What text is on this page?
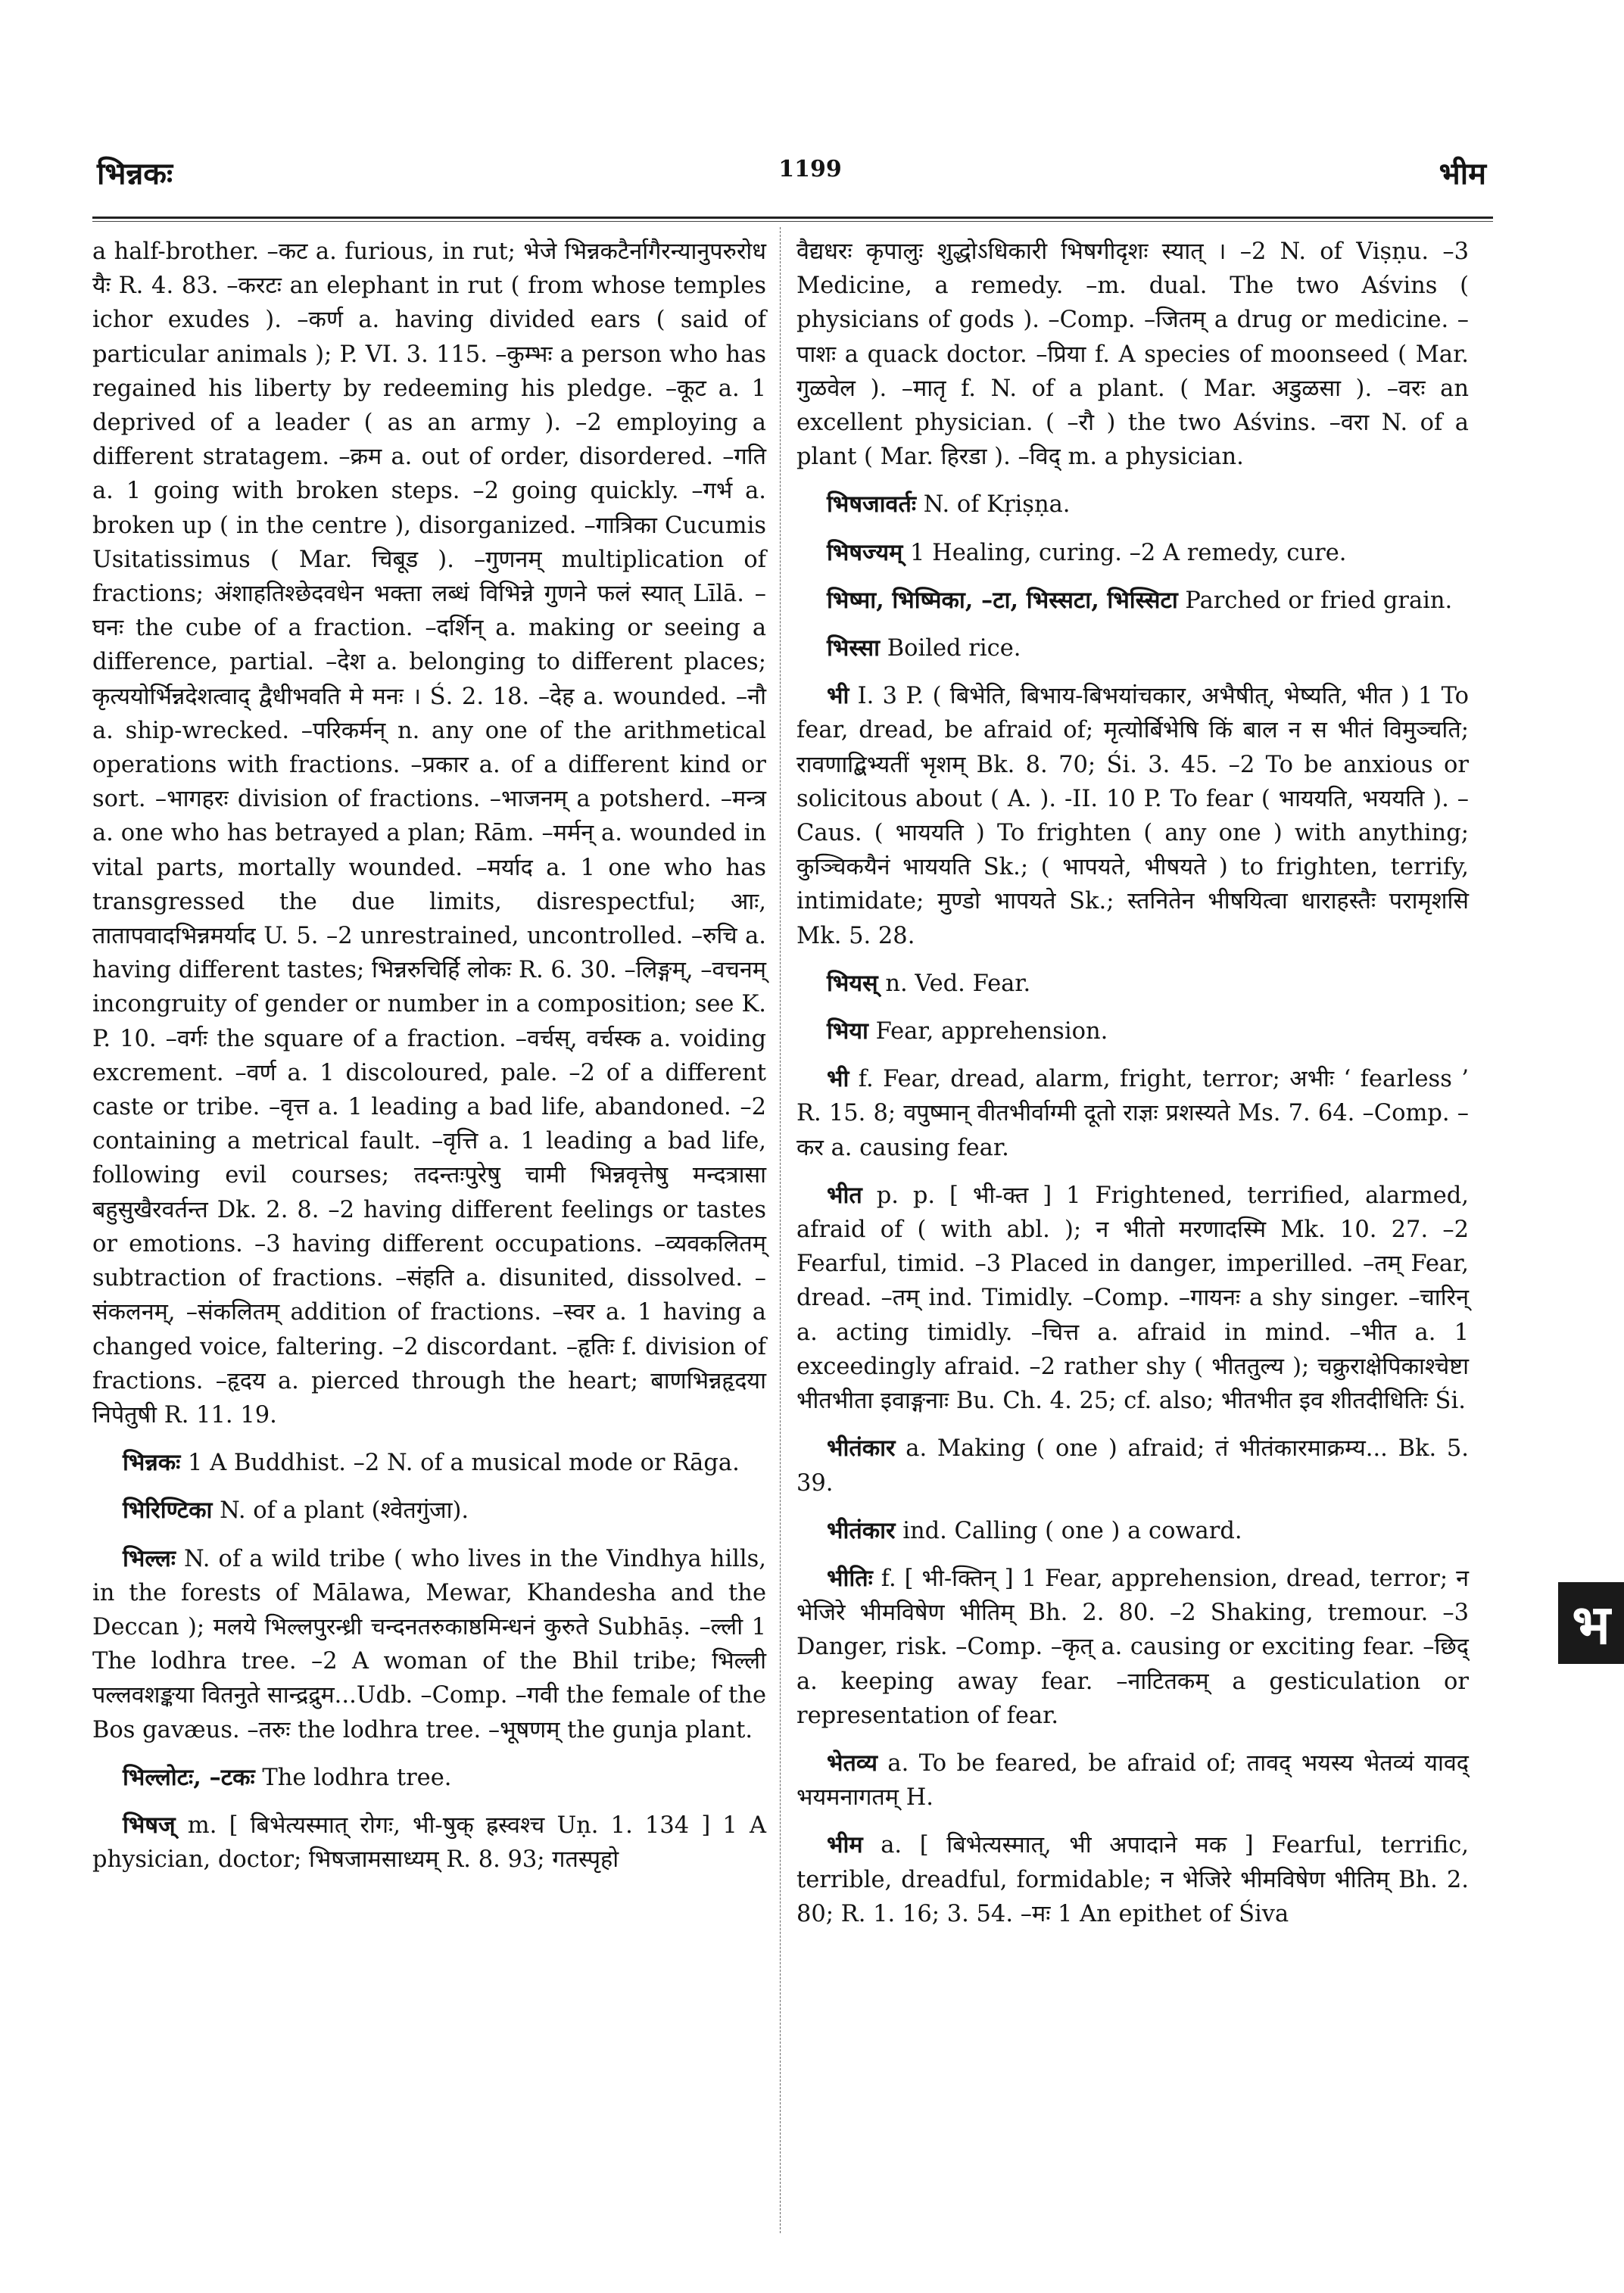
भिन्नकः	1199	भीम

a half-brother. –कट a. furious, in rut; भेजे भिन्नकटैर्नागैरन्यानुपरुरोध यैः R. 4. 83. –करटः an elephant in rut ( from whose temples ichor exudes ). –कर्ण a. having divided ears ( said of particular animals ); P. VI. 3. 115. –कुम्भः a person who has regained his liberty by redeeming his pledge. –कूट a. 1 deprived of a leader ( as an army ). –2 employing a different stratagem. –क्रम a. out of order, disordered. –गति a. 1 going with broken steps. –2 going quickly. –गर्भ a. broken up ( in the centre ), disorganized. –गात्रिका Cucumis Usitatissimus ( Mar. चिबूड ). –गुणनम् multiplication of fractions; अंशाहतिश्छेदवधेन भक्ता लब्धं विभिन्ने गुणने फलं स्यात् Līlā. –घनः the cube of a fraction. –दर्शिन् a. making or seeing a difference, partial. –देश a. belonging to different places; कृत्ययोर्भिन्नदेशत्वाद् द्वैधीभवति मे मनः । Ś. 2. 18. –देह a. wounded. –नौ a. ship-wrecked. –परिकर्मन् n. any one of the arithmetical operations with fractions. –प्रकार a. of a different kind or sort. –भागहरः division of fractions. –भाजनम् a potsherd. –मन्त्र a. one who has betrayed a plan; Rām. –मर्मन् a. wounded in vital parts, mortally wounded. –मर्याद a. 1 one who has transgressed the due limits, disrespectful; आः, तातापवादभिन्नमर्याद U. 5. –2 unrestrained, uncontrolled. –रुचि a. having different tastes; भिन्नरुचिर्हि लोकः R. 6. 30. –लिङ्गम्, –वचनम् incongruity of gender or number in a composition; see K. P. 10. –वर्गः the square of a fraction. –वर्चस्, वर्चस्क a. voiding excrement. –वर्ण a. 1 discoloured, pale. –2 of a different caste or tribe. –वृत्त a. 1 leading a bad life, abandoned. –2 containing a metrical fault. –वृत्ति a. 1 leading a bad life, following evil courses; तदन्तःपुरेषु चामी भिन्नवृत्तेषु मन्दत्रासा बहुसुखैरवर्तन्त Dk. 2. 8. –2 having different feelings or tastes or emotions. –3 having different occupations. –व्यवकलितम् subtraction of fractions. –संहति a. disunited, dissolved. –संकलनम्, –संकलितम् addition of fractions. –स्वर a. 1 having a changed voice, faltering. –2 discordant. –हृतिः f. division of fractions. –हृदय a. pierced through the heart; बाणभिन्नहृदया निपेतुषी R. 11. 19.

भिन्नकः 1 A Buddhist. –2 N. of a musical mode or Rāga.

भिरिण्टिका N. of a plant (श्वेतगुंजा).

भिल्लः N. of a wild tribe ( who lives in the Vindhya hills, in the forests of Mālawa, Mewar, Khandesha and the Deccan ); मलये भिल्लपुरन्ध्री चन्दनतरुकाष्ठमिन्धनं कुरुते Subhāṣ. –ल्ली 1 The lodhra tree. –2 A woman of the Bhil tribe; भिल्ली पल्लवशङ्कया वितनुते सान्द्रद्रुम...Udb. –Comp. –गवी the female of the Bos gavæus. –तरुः the lodhra tree. –भूषणम् the gunja plant.

भिल्लोटः, –टकः The lodhra tree.

भिषज् m. [ बिभेत्यस्मात् रोगः, भी-षुक् ह्रस्वश्च Uṇ. 1. 134 ] 1 A physician, doctor; भिषजामसाध्यम् R. 8. 93; गतस्पृहो

वैद्यधरः कृपालुः शुद्धोऽधिकारी भिषगीदृशः स्यात् । –2 N. of Viṣṇu. –3 Medicine, a remedy. –m. dual. The two Aśvins ( physicians of gods ). –Comp. –जितम् a drug or medicine. –पाशः a quack doctor. –प्रिया f. A species of moonseed ( Mar. गुळवेल ). –मातृ f. N. of a plant. ( Mar. अडुळसा ). –वरः an excellent physician. ( –रौ ) the two Aśvins. –वरा N. of a plant ( Mar. हिरडा ). –विद् m. a physician.

भिषजावर्तः N. of Kṛiṣṇa.

भिषज्यम् 1 Healing, curing. –2 A remedy, cure.

भिष्मा, भिष्मिका, –टा, भिस्सटा, भिस्सिटा Parched or fried grain.

भिस्सा Boiled rice.

भी I. 3 P. ( बिभेति, बिभाय-बिभयांचकार, अभैषीत्, भेष्यति, भीत ) 1 To fear, dread, be afraid of; मृत्योर्बिभेषि किं बाल न स भीतं विमुञ्चति; रावणाद्बिभ्यतीं भृशम् Bk. 8. 70; Śi. 3. 45. –2 To be anxious or solicitous about ( A. ). -II. 10 P. To fear ( भाययति, भययति ). –Caus. ( भाययति ) To frighten ( any one ) with anything; कुञ्चिकयैनं भाययति Sk.; ( भापयते, भीषयते ) to frighten, terrify, intimidate; मुण्डो भापयते Sk.; स्तनितेन भीषयित्वा धाराहस्तैः परामृशसि Mk. 5. 28.

भियस् n. Ved. Fear.

भिया Fear, apprehension.

भी f. Fear, dread, alarm, fright, terror; अभीः ‘ fearless ’ R. 15. 8; वपुष्मान् वीतभीर्वाग्मी दूतो राज्ञः प्रशस्यते Ms. 7. 64. –Comp. –कर a. causing fear.

भीत p. p. [ भी-क्त ] 1 Frightened, terrified, alarmed, afraid of ( with abl. ); न भीतो मरणादस्मि Mk. 10. 27. –2 Fearful, timid. –3 Placed in danger, imperilled. –तम् Fear, dread. –तम् ind. Timidly. –Comp. –गायनः a shy singer. –चारिन् a. acting timidly. –चित्त a. afraid in mind. –भीत a. 1 exceedingly afraid. –2 rather shy ( भीततुल्य ); चक्रुराक्षेपिकाश्चेष्टा भीतभीता इवाङ्गनाः Bu. Ch. 4. 25; cf. also; भीतभीत इव शीतदीधितिः Śi.

भीतंकार a. Making ( one ) afraid; तं भीतंकारमाक्रम्य... Bk. 5. 39.

भीतंकार ind. Calling ( one ) a coward.

भीतिः f. [ भी-क्तिन् ] 1 Fear, apprehension, dread, terror; न भेजिरे भीमविषेण भीतिम् Bh. 2. 80. –2 Shaking, tremour. –3 Danger, risk. –Comp. –कृत् a. causing or exciting fear. –छिद् a. keeping away fear. –नाटितकम् a gesticulation or representation of fear.

भेतव्य a. To be feared, be afraid of; तावद् भयस्य भेतव्यं यावद् भयमनागतम् H.

भीम a. [ बिभेत्यस्मात्, भी अपादाने मक ] Fearful, terrific, terrible, dreadful, formidable; न भेजिरे भीमविषेण भीतिम् Bh. 2. 80; R. 1. 16; 3. 54. –मः 1 An epithet of Śiva

भ
